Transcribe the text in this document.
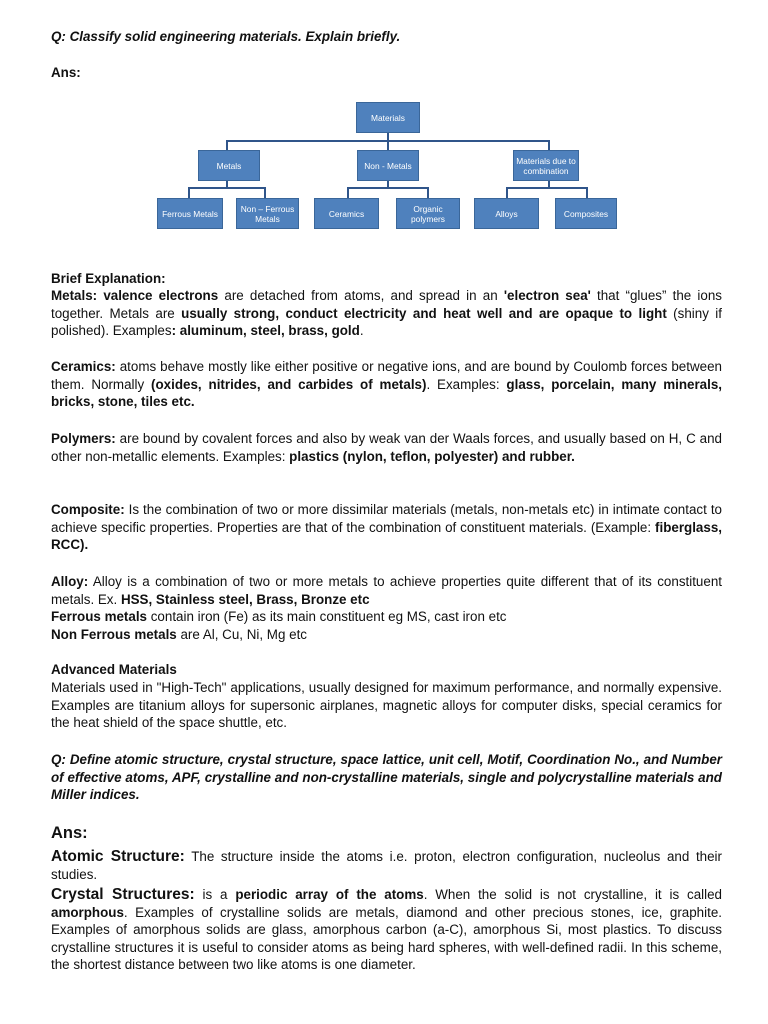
Q: Classify solid engineering materials. Explain briefly.

Ans:

Brief Explanation:

Metals: valence electrons are detached from atoms, and spread in an 'electron sea' that “glues” the ions together. Metals are usually strong, conduct electricity and heat well and are opaque to light (shiny if polished). Examples: aluminum, steel, brass, gold.

Ceramics: atoms behave mostly like either positive or negative ions, and are bound by Coulomb forces between them. Normally (oxides, nitrides, and carbides of metals). Examples: glass, porcelain, many minerals, bricks, stone, tiles etc.

Polymers: are bound by covalent forces and also by weak van der Waals forces, and usually based on H, C and other non-metallic elements. Examples: plastics (nylon, teflon, polyester) and rubber.

Composite: Is the combination of two or more dissimilar materials (metals, non-metals etc) in intimate contact to achieve specific properties. Properties are that of the combination of constituent materials. (Example: fiberglass, RCC).

Alloy: Alloy is a combination of two or more metals to achieve properties quite different that of its constituent metals. Ex. HSS, Stainless steel, Brass, Bronze etc

Ferrous metals contain iron (Fe) as its main constituent eg MS, cast iron etc

Non Ferrous metals are Al, Cu, Ni, Mg etc

Advanced Materials

Materials used in "High-Tech" applications, usually designed for maximum performance, and normally expensive. Examples are titanium alloys for supersonic airplanes, magnetic alloys for computer disks, special ceramics for the heat shield of the space shuttle, etc.

Q: Define atomic structure, crystal structure, space lattice, unit cell, Motif, Coordination No., and Number of effective atoms, APF, crystalline and non-crystalline materials, single and polycrystalline materials and Miller indices.

Ans:

Atomic Structure: The structure inside the atoms i.e. proton, electron configuration, nucleolus and their studies.

Crystal Structures: is a periodic array of the atoms. When the solid is not crystalline, it is called amorphous. Examples of crystalline solids are metals, diamond and other precious stones, ice, graphite. Examples of amorphous solids are glass, amorphous carbon (a-C), amorphous Si, most plastics. To discuss crystalline structures it is useful to consider atoms as being hard spheres, with well-defined radii. In this scheme, the shortest distance between two like atoms is one diameter.

Materials
Metals	Non - Metals	Materials due to combination
Ferrous Metals	Non – Ferrous Metals	Ceramics	Organic polymers	Alloys	Composites
